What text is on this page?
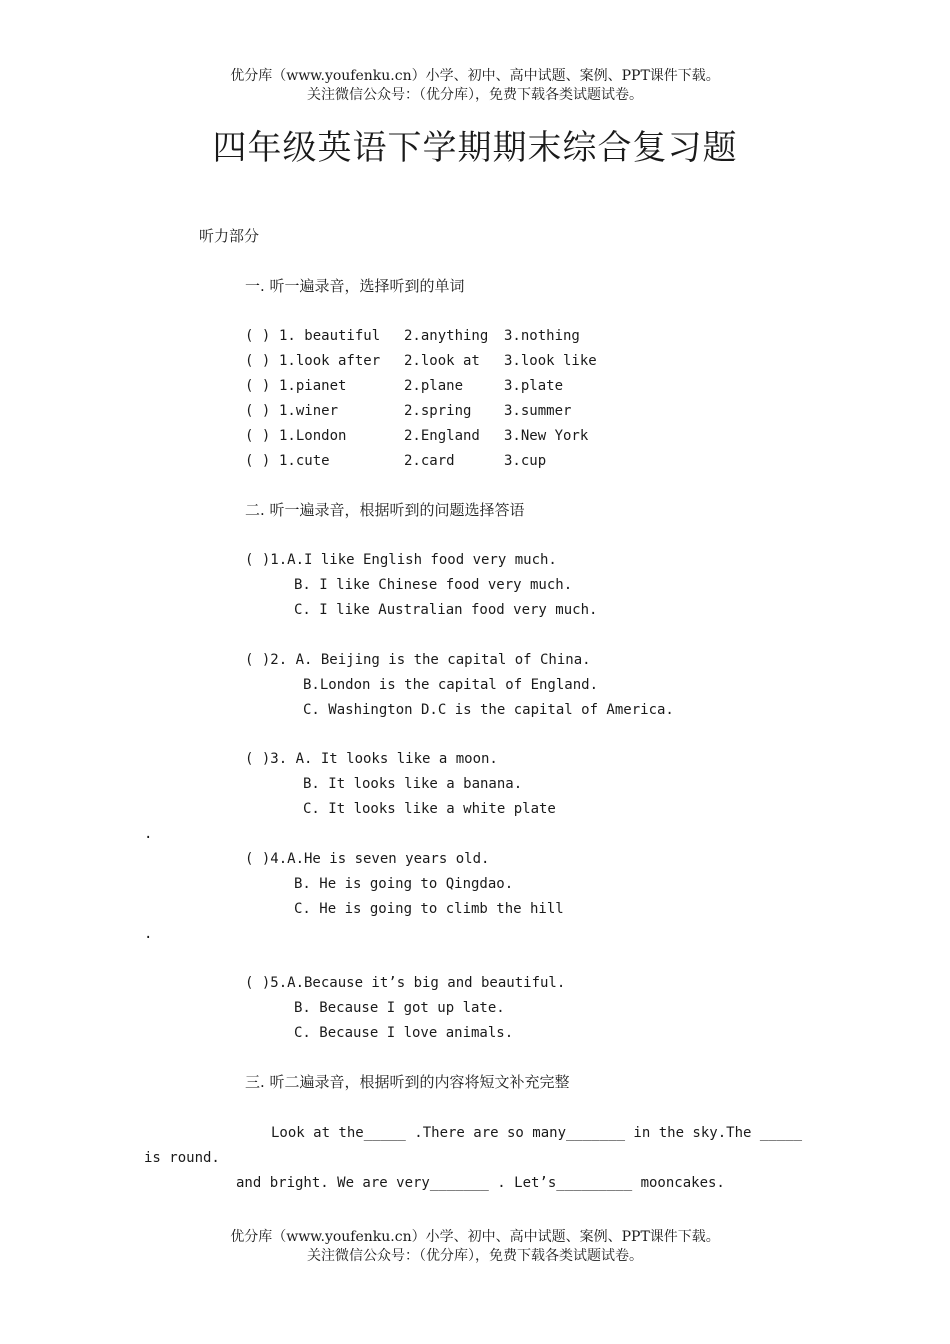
优分库（www.youfenku.cn）小学、初中、高中试题、案例、PPT课件下载。

关注微信公众号：（优分库），免费下载各类试题试卷。

四年级英语下学期期末综合复习题
听力部分
一. 听一遍录音，选择听到的单词
( ) 1. beautiful 2.anything 3.nothing
( ) 1.look after 2.look at 3.look like
( ) 1.pianet	2.plane	3.plate
( ) 1.winer	2.spring 3.summer
( ) 1.London	2.England 3.New York
( ) 1.cute	2.card	3.cup
二. 听一遍录音，根据听到的问题选择答语
( )1.A.I like English food very much.
B. I like Chinese food very much.
C. I like Australian food very much.
( )2. A. Beijing is the capital of China.
B.London is the capital of England.
C. Washington D.C is the capital of America.
( )3. A. It looks like a moon.
B. It looks like a banana.
C. It looks like a white plate
.
( )4.A.He is seven years old.
B. He is going to Qingdao.
C. He is going to climb the hill
.
( )5.A.Because it’s big and beautiful.
B. Because I got up late.
C. Because I love animals.
三. 听二遍录音，根据听到的内容将短文补充完整
Look at the_____ .There are so many_______ in the sky.The _____
is round.
and bright. We are very_______ . Let’s_________ mooncakes.

优分库（www.youfenku.cn）小学、初中、高中试题、案例、PPT课件下载。

关注微信公众号：（优分库），免费下载各类试题试卷。
